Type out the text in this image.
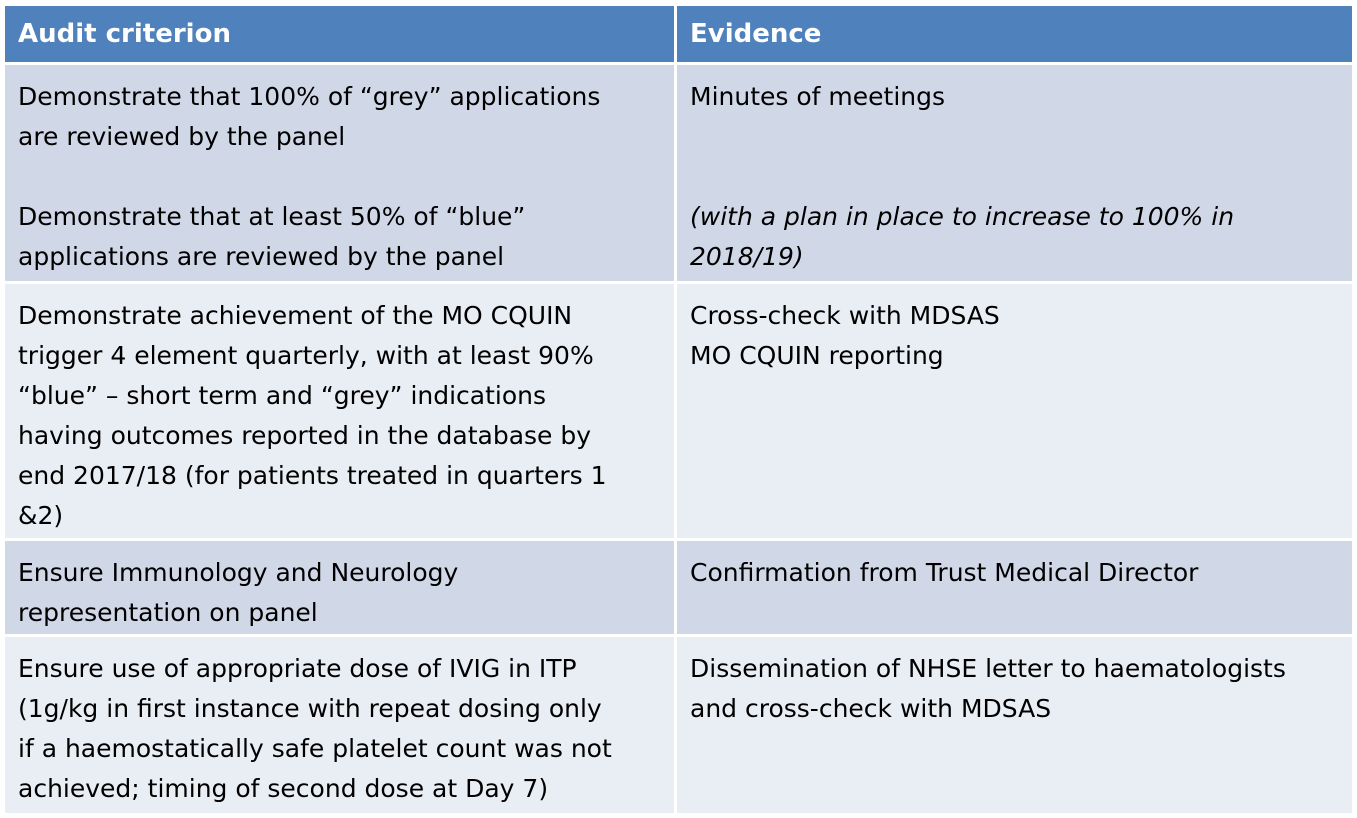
Audit criterion	Evidence

Demonstrate that 100% of “grey” applications

are reviewed by the panel

Demonstrate that at least 50% of “blue”

applications are reviewed by the panel

Minutes of meetings

(with a plan in place to increase to 100% in

2018/19)

Demonstrate achievement of the MO CQUIN

trigger 4 element quarterly, with at least 90%

“blue” – short term and “grey” indications

having outcomes reported in the database by

end 2017/18 (for patients treated in quarters 1

&2)

Cross-check with MDSAS

MO CQUIN reporting

Ensure Immunology and Neurology

representation on panel

Confirmation from Trust Medical Director

Ensure use of appropriate dose of IVIG in ITP

(1g/kg in first instance with repeat dosing only

if a haemostatically safe platelet count was not

achieved; timing of second dose at Day 7)

Dissemination of NHSE letter to haematologists

and cross-check with MDSAS
